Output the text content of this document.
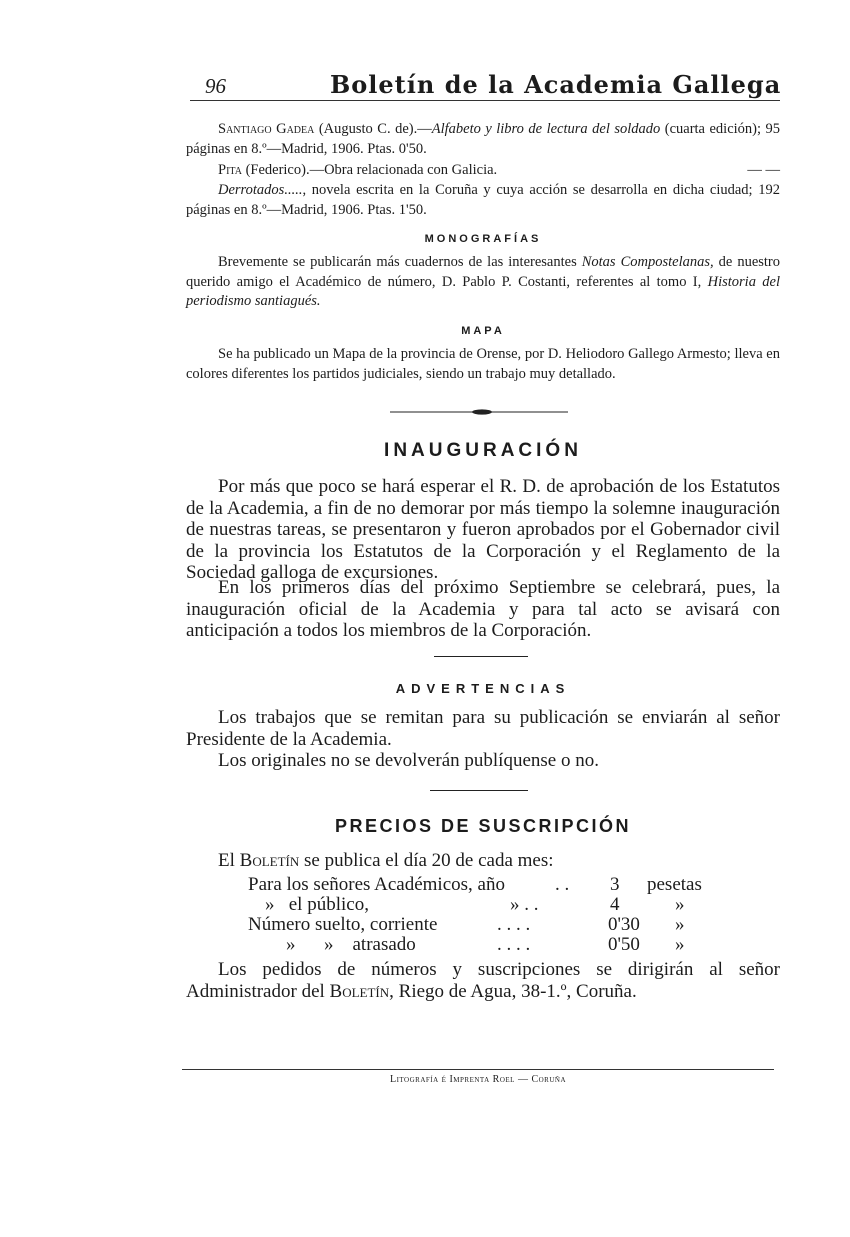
96	Boletín de la Academia Gallega
Santiago Gadea (Augusto C. de).—Alfabeto y libro de lectura del soldado (cuarta edición); 95 páginas en 8.º—Madrid, 1906. Ptas. 0'50.
Pita (Federico).—Obra relacionada con Galicia.	— —
Derrotados....., novela escrita en la Coruña y cuya acción se desarrolla en dicha ciudad; 192 páginas en 8.º—Madrid, 1906. Ptas. 1'50.
MONOGRAFÍAS
Brevemente se publicarán más cuadernos de las interesantes Notas Compostelanas, de nuestro querido amigo el Académico de número, D. Pablo P. Costanti, referentes al tomo I, Historia del periodismo santiagués.
MAPA
Se ha publicado un Mapa de la provincia de Orense, por D. Heliodoro Gallego Armesto; lleva en colores diferentes los partidos judiciales, siendo un trabajo muy detallado.
INAUGURACIÓN
Por más que poco se hará esperar el R. D. de aprobación de los Estatutos de la Academia, a fin de no demorar por más tiempo la solemne inauguración de nuestras tareas, se presentaron y fueron aprobados por el Gobernador civil de la provincia los Estatutos de la Corporación y el Reglamento de la Sociedad galloga de excursiones.
En los primeros días del próximo Septiembre se celebrará, pues, la inauguración oficial de la Academia y para tal acto se avisará con anticipación a todos los miembros de la Corporación.
ADVERTENCIAS
Los trabajos que se remitan para su publicación se enviarán al señor Presidente de la Academia.
Los originales no se devolverán publíquense o no.
PRECIOS DE SUSCRIPCIÓN
El Boletín se publica el día 20 de cada mes:
Para los señores Académicos, año	. . 3 pesetas
»   el público,	» . .	4	»
Número suelto, corriente	. . . .	0'30 »
»      »    atrasado	. . . .	0'50 »
Los pedidos de números y suscripciones se dirigirán al señor Administrador del Boletín, Riego de Agua, 38-1.º, Coruña.
Litografía é Imprenta Roel — Coruña
